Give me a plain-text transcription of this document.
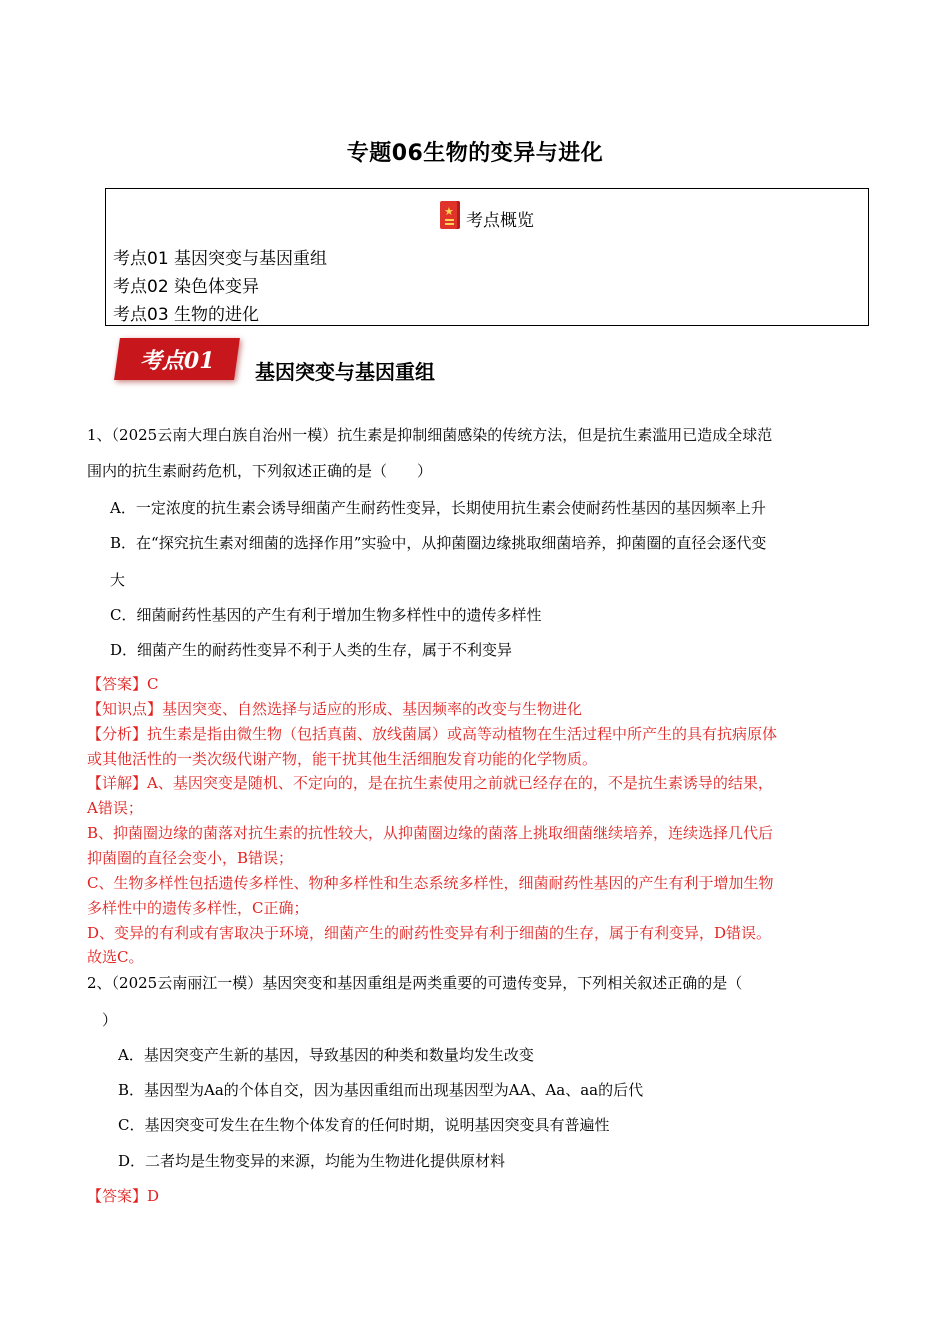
专题06生物的变异与进化
★
考点概览
考点01 基因突变与基因重组
考点02 染色体变异
考点03 生物的进化
考点01 基因突变与基因重组
1、（2025云南大理白族自治州一模）抗生素是抑制细菌感染的传统方法，但是抗生素滥用已造成全球范
围内的抗生素耐药危机，下列叙述正确的是（　　）
A．一定浓度的抗生素会诱导细菌产生耐药性变异，长期使用抗生素会使耐药性基因的基因频率上升
B．在“探究抗生素对细菌的选择作用”实验中，从抑菌圈边缘挑取细菌培养，抑菌圈的直径会逐代变
大
C．细菌耐药性基因的产生有利于增加生物多样性中的遗传多样性
D．细菌产生的耐药性变异不利于人类的生存，属于不利变异
【答案】C
【知识点】基因突变、自然选择与适应的形成、基因频率的改变与生物进化
【分析】抗生素是指由微生物（包括真菌、放线菌属）或高等动植物在生活过程中所产生的具有抗病原体
或其他活性的一类次级代谢产物，能干扰其他生活细胞发育功能的化学物质。
【详解】A、基因突变是随机、不定向的，是在抗生素使用之前就已经存在的，不是抗生素诱导的结果，
A错误；
B、抑菌圈边缘的菌落对抗生素的抗性较大，从抑菌圈边缘的菌落上挑取细菌继续培养，连续选择几代后
抑菌圈的直径会变小，B错误；
C、生物多样性包括遗传多样性、物种多样性和生态系统多样性，细菌耐药性基因的产生有利于增加生物
多样性中的遗传多样性，C正确；
D、变异的有利或有害取决于环境，细菌产生的耐药性变异有利于细菌的生存，属于有利变异，D错误。
故选C。
2、（2025云南丽江一模）基因突变和基因重组是两类重要的可遗传变异，下列相关叙述正确的是（
）
A．基因突变产生新的基因，导致基因的种类和数量均发生改变
B．基因型为Aa的个体自交，因为基因重组而出现基因型为AA、Aa、aa的后代
C．基因突变可发生在生物个体发育的任何时期，说明基因突变具有普遍性
D．二者均是生物变异的来源，均能为生物进化提供原材料
【答案】D
